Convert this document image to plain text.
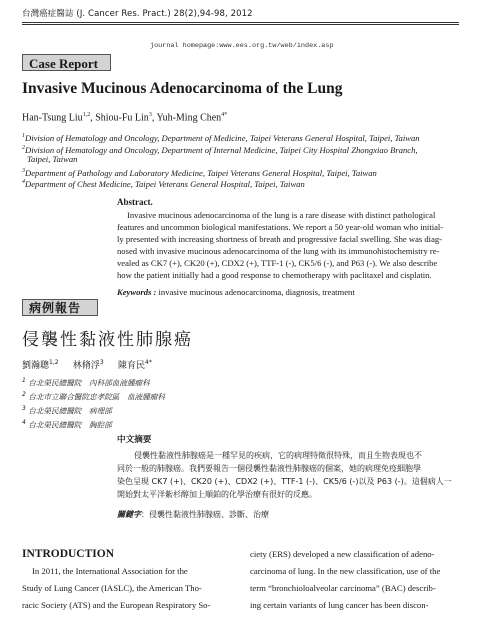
台灣癌症醫誌 (J. Cancer Res. Pract.) 28(2),94-98, 2012
journal homepage:www.ees.org.tw/web/index.asp
Case Report
Invasive Mucinous Adenocarcinoma of the Lung
Han-Tsung Liu$^{1,2}$, Shiou-Fu Lin$^3$, Yuh-Ming Chen$^{4*}$
$^1$Division of Hematology and Oncology, Department of Medicine, Taipei Veterans General Hospital, Taipei, Taiwan
$^2$Division of Hematology and Oncology, Department of Internal Medicine, Taipei City Hospital Zhongxiao Branch,
Taipei, Taiwan
$^3$Department of Pathology and Laboratory Medicine, Taipei Veterans General Hospital, Taipei, Taiwan
$^4$Department of Chest Medicine, Taipei Veterans General Hospital, Taipei, Taiwan
Abstract.
Invasive mucinous adenocarcinoma of the lung is a rare disease with distinct pathological
features and uncommon biological manifestations. We report a 50 year-old woman who initial-
ly presented with increasing shortness of breath and progressive facial swelling. She was diag-
nosed with invasive mucinous adenocarcinoma of the lung with its immunohistochemistry re-
vealed as CK7 (+), CK20 (+), CDX2 (+), TTF-1 (-), CK5/6 (-), and P63 (-). We also describe
how the patient initially had a good response to chemotherapy with paclitaxel and cisplatin.
Keywords : invasive mucinous adenocarcinoma, diagnosis, treatment
病例報告
侵襲性黏液性肺腺癌
劉瀚聰$^{1,2}$ 林脩浮$^3$ 陳育民$^{4*}$
$^1$ 台北榮民總醫院　內科部血液腫瘤科
$^2$ 台北市立聯合醫院忠孝院區　血液腫瘤科
$^3$ 台北榮民總醫院　病理部
$^4$ 台北榮民總醫院　胸腔部
中文摘要
侵襲性黏液性肺腺癌是一種罕見的疾病，它的病理特徵很特殊，而且生物表現也不
同於一般的肺腺癌。我們要報告一個侵襲性黏液性肺腺癌的個案，她的病理免疫細胞學
染色呈現 CK7 (+)、CK20 (+)、CDX2 (+)、TTF-1 (-)、CK5/6 (-)以及 P63 (-)。這個病人一
開始對太平洋紫杉醇加上順鉑的化學治療有很好的反應。
關鍵字：侵襲性黏液性肺腺癌、診斷、治療
INTRODUCTION
In 2011, the International Association for the
Study of Lung Cancer (IASLC), the American Tho-
racic Society (ATS) and the European Respiratory So-
ciety (ERS) developed a new classification of adeno-
carcinoma of lung. In the new classification, use of the
term “bronchioloalveolar carcinoma” (BAC) describ-
ing certain variants of lung cancer has been discon-
